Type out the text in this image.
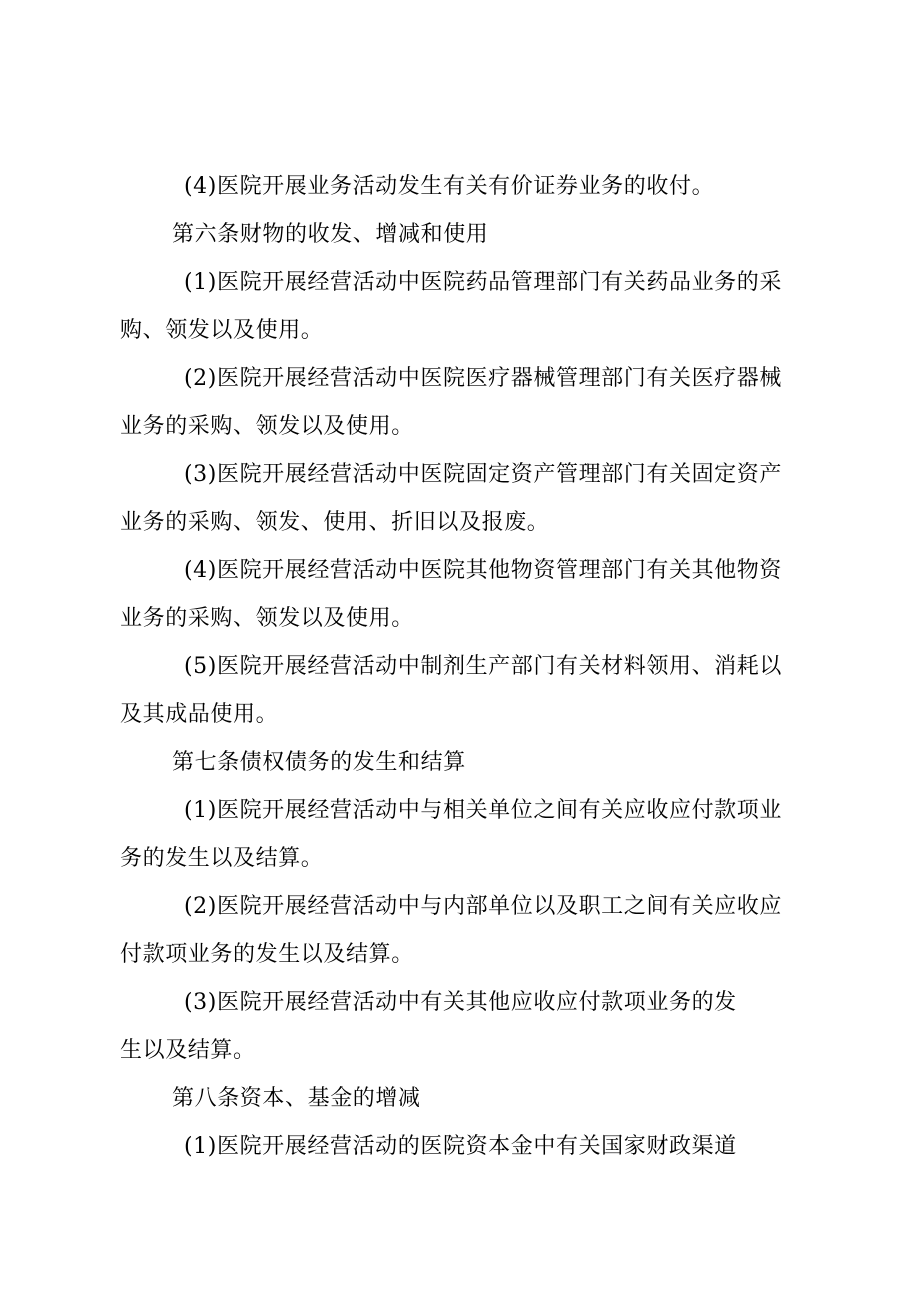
(4)医院开展业务活动发生有关有价证券业务的收付。
第六条财物的收发、增减和使用
(1)医院开展经营活动中医院药品管理部门有关药品业务的采
购、领发以及使用。
(2)医院开展经营活动中医院医疗器械管理部门有关医疗器械
业务的采购、领发以及使用。
(3)医院开展经营活动中医院固定资产管理部门有关固定资产
业务的采购、领发、使用、折旧以及报废。
(4)医院开展经营活动中医院其他物资管理部门有关其他物资
业务的采购、领发以及使用。
(5)医院开展经营活动中制剂生产部门有关材料领用、消耗以
及其成品使用。
第七条债权债务的发生和结算
(1)医院开展经营活动中与相关单位之间有关应收应付款项业
务的发生以及结算。
(2)医院开展经营活动中与内部单位以及职工之间有关应收应
付款项业务的发生以及结算。
(3)医院开展经营活动中有关其他应收应付款项业务的发
生以及结算。
第八条资本、基金的增减
(1)医院开展经营活动的医院资本金中有关国家财政渠道
